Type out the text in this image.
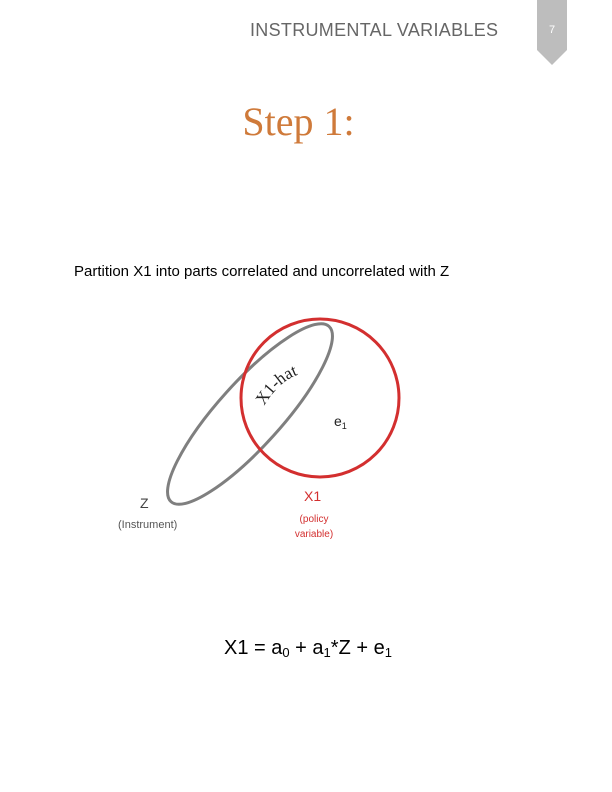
INSTRUMENTAL VARIABLES	7
Step 1:
Partition X1 into parts correlated and uncorrelated with Z
X1-hat
$e_1$
Z
(Instrument)
X1
(policy variable)
$X1 = a_0 + a_1*Z + e_1$
